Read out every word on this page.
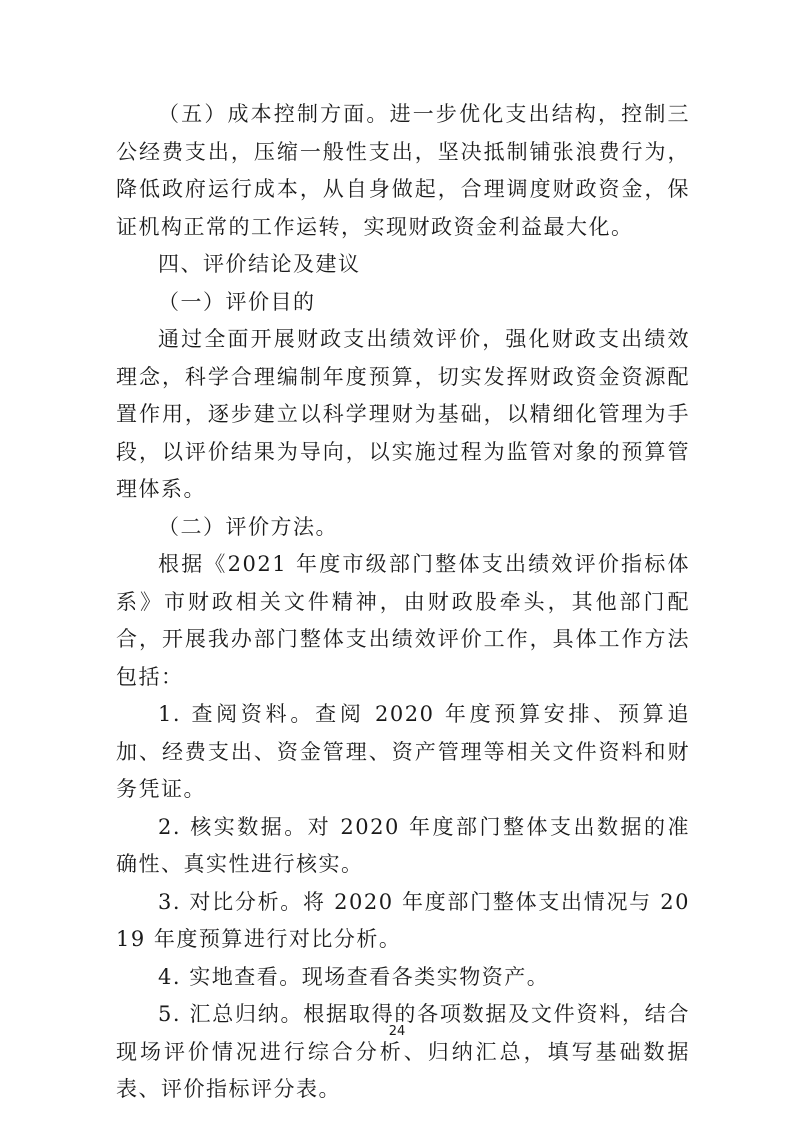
（五）成本控制方面。进一步优化支出结构，控制三公经费支出，压缩一般性支出，坚决抵制铺张浪费行为，降低政府运行成本，从自身做起，合理调度财政资金，保证机构正常的工作运转，实现财政资金利益最大化。

四、评价结论及建议

（一）评价目的

通过全面开展财政支出绩效评价，强化财政支出绩效理念，科学合理编制年度预算，切实发挥财政资金资源配置作用，逐步建立以科学理财为基础，以精细化管理为手段，以评价结果为导向，以实施过程为监管对象的预算管理体系。

（二）评价方法。

根据《2021 年度市级部门整体支出绩效评价指标体系》市财政相关文件精神，由财政股牵头，其他部门配合，开展我办部门整体支出绩效评价工作，具体工作方法包括：

1. 查阅资料。查阅 2020 年度预算安排、预算追加、经费支出、资金管理、资产管理等相关文件资料和财务凭证。

2. 核实数据。对 2020 年度部门整体支出数据的准确性、真实性进行核实。

3. 对比分析。将 2020 年度部门整体支出情况与 2019 年度预算进行对比分析。

4. 实地查看。现场查看各类实物资产。

5. 汇总归纳。根据取得的各项数据及文件资料，结合现场评价情况进行综合分析、归纳汇总，填写基础数据表、评价指标评分表。

24
